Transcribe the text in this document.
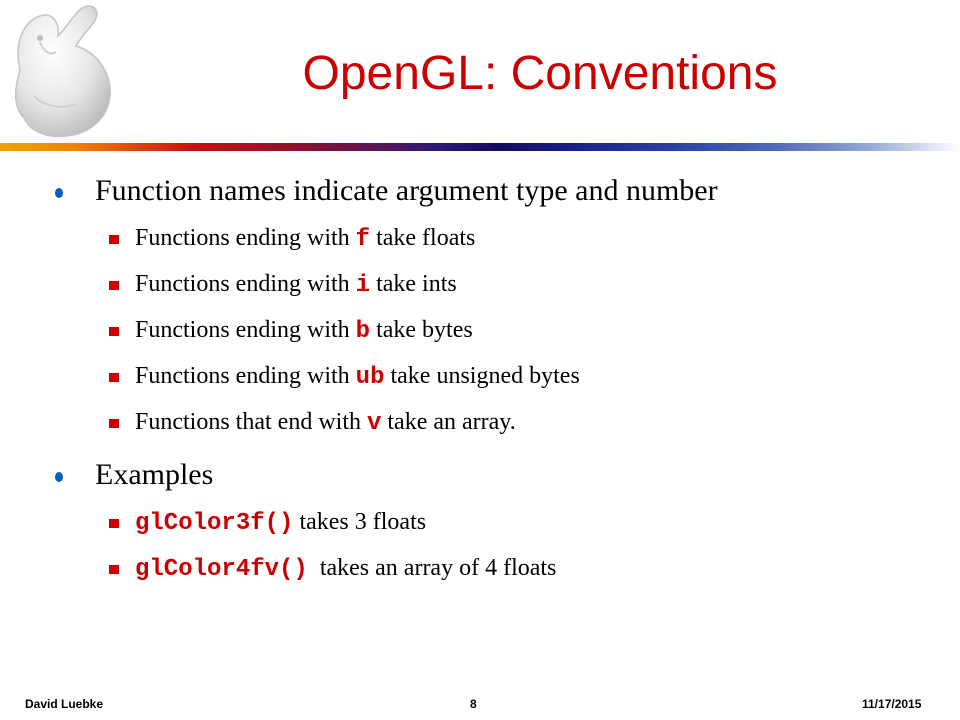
OpenGL: Conventions
Function names indicate argument type and number
Functions ending with f take floats
Functions ending with i take ints
Functions ending with b take bytes
Functions ending with ub take unsigned bytes
Functions that end with v take an array.
Examples
glColor3f() takes 3 floats
glColor4fv()  takes an array of 4 floats
David Luebke	8	11/17/2015
